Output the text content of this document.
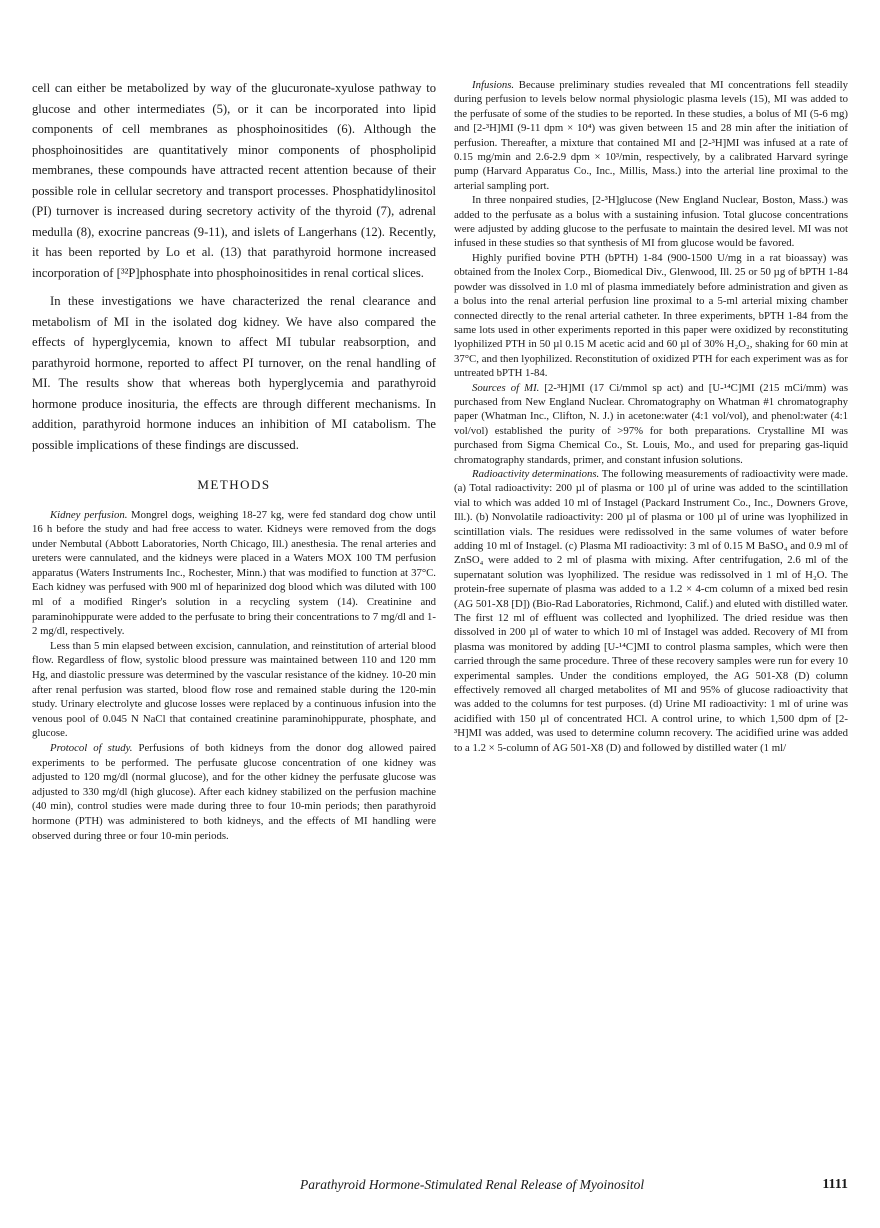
cell can either be metabolized by way of the glucuronate-xyulose pathway to glucose and other intermediates (5), or it can be incorporated into lipid components of cell membranes as phosphoinositides (6). Although the phosphoinositides are quantitatively minor components of phospholipid membranes, these compounds have attracted recent attention because of their possible role in cellular secretory and transport processes. Phosphatidylinositol (PI) turnover is increased during secretory activity of the thyroid (7), adrenal medulla (8), exocrine pancreas (9-11), and islets of Langerhans (12). Recently, it has been reported by Lo et al. (13) that parathyroid hormone increased incorporation of [³²P]phosphate into phosphoinositides in renal cortical slices.

In these investigations we have characterized the renal clearance and metabolism of MI in the isolated dog kidney. We have also compared the effects of hyperglycemia, known to affect MI tubular reabsorption, and parathyroid hormone, reported to affect PI turnover, on the renal handling of MI. The results show that whereas both hyperglycemia and parathyroid hormone produce inosituria, the effects are through different mechanisms. In addition, parathyroid hormone induces an inhibition of MI catabolism. The possible implications of these findings are discussed.

METHODS

Kidney perfusion. Mongrel dogs, weighing 18-27 kg, were fed standard dog chow until 16 h before the study and had free access to water. Kidneys were removed from the dogs under Nembutal (Abbott Laboratories, North Chicago, Ill.) anesthesia. The renal arteries and ureters were cannulated, and the kidneys were placed in a Waters MOX 100 TM perfusion apparatus (Waters Instruments Inc., Rochester, Minn.) that was modified to function at 37°C. Each kidney was perfused with 900 ml of heparinized dog blood which was diluted with 100 ml of a modified Ringer's solution in a recycling system (14). Creatinine and paraminohippurate were added to the perfusate to bring their concentrations to 7 mg/dl and 1-2 mg/dl, respectively.

Less than 5 min elapsed between excision, cannulation, and reinstitution of arterial blood flow. Regardless of flow, systolic blood pressure was maintained between 110 and 120 mm Hg, and diastolic pressure was determined by the vascular resistance of the kidney. 10-20 min after renal perfusion was started, blood flow rose and remained stable during the 120-min study. Urinary electrolyte and glucose losses were replaced by a continuous infusion into the venous pool of 0.045 N NaCl that contained creatinine paraminohippurate, phosphate, and glucose.

Protocol of study. Perfusions of both kidneys from the donor dog allowed paired experiments to be performed. The perfusate glucose concentration of one kidney was adjusted to 120 mg/dl (normal glucose), and for the other kidney the perfusate glucose was adjusted to 330 mg/dl (high glucose). After each kidney stabilized on the perfusion machine (40 min), control studies were made during three to four 10-min periods; then parathyroid hormone (PTH) was administered to both kidneys, and the effects of MI handling were observed during three or four 10-min periods.

Infusions. Because preliminary studies revealed that MI concentrations fell steadily during perfusion to levels below normal physiologic plasma levels (15), MI was added to the perfusate of some of the studies to be reported. In these studies, a bolus of MI (5-6 mg) and [2-³H]MI (9-11 dpm × 10⁴) was given between 15 and 28 min after the initiation of perfusion. Thereafter, a mixture that contained MI and [2-³H]MI was infused at a rate of 0.15 mg/min and 2.6-2.9 dpm × 10³/min, respectively, by a calibrated Harvard syringe pump (Harvard Apparatus Co., Inc., Millis, Mass.) into the arterial line proximal to the arterial sampling port.

In three nonpaired studies, [2-³H]glucose (New England Nuclear, Boston, Mass.) was added to the perfusate as a bolus with a sustaining infusion. Total glucose concentrations were adjusted by adding glucose to the perfusate to maintain the desired level. MI was not infused in these studies so that synthesis of MI from glucose would be favored.

Highly purified bovine PTH (bPTH) 1-84 (900-1500 U/mg in a rat bioassay) was obtained from the Inolex Corp., Biomedical Div., Glenwood, Ill. 25 or 50 µg of bPTH 1-84 powder was dissolved in 1.0 ml of plasma immediately before administration and given as a bolus into the renal arterial perfusion line proximal to a 5-ml arterial mixing chamber connected directly to the renal arterial catheter. In three experiments, bPTH 1-84 from the same lots used in other experiments reported in this paper were oxidized by reconstituting lyophilized PTH in 50 µl 0.15 M acetic acid and 60 µl of 30% H₂O₂, shaking for 60 min at 37°C, and then lyophilized. Reconstitution of oxidized PTH for each experiment was as for untreated bPTH 1-84.

Sources of MI. [2-³H]MI (17 Ci/mmol sp act) and [U-¹⁴C]MI (215 mCi/mm) was purchased from New England Nuclear. Chromatography on Whatman #1 chromatography paper (Whatman Inc., Clifton, N. J.) in acetone:water (4:1 vol/vol), and phenol:water (4:1 vol/vol) established the purity of >97% for both preparations. Crystalline MI was purchased from Sigma Chemical Co., St. Louis, Mo., and used for preparing gas-liquid chromatography standards, primer, and constant infusion solutions.

Radioactivity determinations. The following measurements of radioactivity were made. (a) Total radioactivity: 200 µl of plasma or 100 µl of urine was added to the scintillation vial to which was added 10 ml of Instagel (Packard Instrument Co., Inc., Downers Grove, Ill.). (b) Nonvolatile radioactivity: 200 µl of plasma or 100 µl of urine was lyophilized in scintillation vials. The residues were redissolved in the same volumes of water before adding 10 ml of Instagel. (c) Plasma MI radioactivity: 3 ml of 0.15 M BaSO₄ and 0.9 ml of ZnSO₄ were added to 2 ml of plasma with mixing. After centrifugation, 2.6 ml of the supernatant solution was lyophilized. The residue was redissolved in 1 ml of H₂O. The protein-free supernate of plasma was added to a 1.2 × 4-cm column of a mixed bed resin (AG 501-X8 [D]) (Bio-Rad Laboratories, Richmond, Calif.) and eluted with distilled water. The first 12 ml of effluent was collected and lyophilized. The dried residue was then dissolved in 200 µl of water to which 10 ml of Instagel was added. Recovery of MI from plasma was monitored by adding [U-¹⁴C]MI to control plasma samples, which were then carried through the same procedure. Three of these recovery samples were run for every 10 experimental samples. Under the conditions employed, the AG 501-X8 (D) column effectively removed all charged metabolites of MI and 95% of glucose radioactivity that was added to the columns for test purposes. (d) Urine MI radioactivity: 1 ml of urine was acidified with 150 µl of concentrated HCl. A control urine, to which 1,500 dpm of [2-³H]MI was added, was used to determine column recovery. The acidified urine was added to a 1.2 × 5-column of AG 501-X8 (D) and followed by distilled water (1 ml/

Parathyroid Hormone-Stimulated Renal Release of Myoinositol	1111
